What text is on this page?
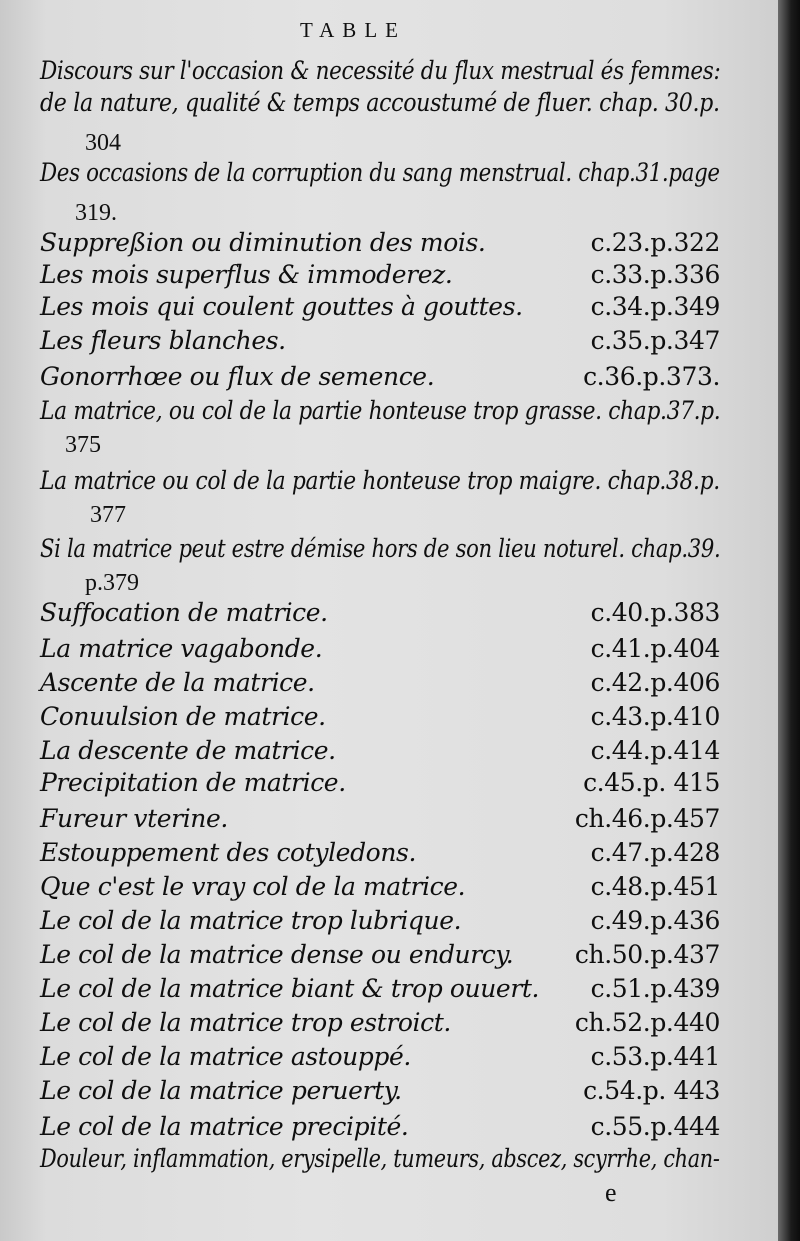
TABLE
Discours sur l'occasion & necessité du flux mestrual és femmes:
de la nature, qualité & temps accoustumé de fluer. chap. 30.p.
304
Des occasions de la corruption du sang menstrual. chap.31.page
319.
Suppreßion ou diminution des mois.	c.23.p.322
Les mois superflus & immoderez.	c.33.p.336
Les mois qui coulent gouttes à gouttes.	c.34.p.349
Les fleurs blanches.	c.35.p.347
Gonorrhœe ou flux de semence.	c.36.p.373.
La matrice, ou col de la partie honteuse trop grasse. chap.37.p.
375
La matrice ou col de la partie honteuse trop maigre. chap.38.p.
377
Si la matrice peut estre démise hors de son lieu noturel. chap.39.
p.379
Suffocation de matrice.	c.40.p.383
La matrice vagabonde.	c.41.p.404
Ascente de la matrice.	c.42.p.406
Conuulsion de matrice.	c.43.p.410
La descente de matrice.	c.44.p.414
Precipitation de matrice.	c.45.p. 415
Fureur vterine.	ch.46.p.457
Estouppement des cotyledons.	c.47.p.428
Que c'est le vray col de la matrice.	c.48.p.451
Le col de la matrice trop lubrique.	c.49.p.436
Le col de la matrice dense ou endurcy. ch.50.p.437
Le col de la matrice biant & trop ouuert. c.51.p.439
Le col de la matrice trop estroict.	ch.52.p.440
Le col de la matrice astouppé.	c.53.p.441
Le col de la matrice peruerty.	c.54.p. 443
Le col de la matrice precipité.	c.55.p.444
Douleur, inflammation, erysipelle, tumeurs, abscez, scyrrhe, chan-
e
